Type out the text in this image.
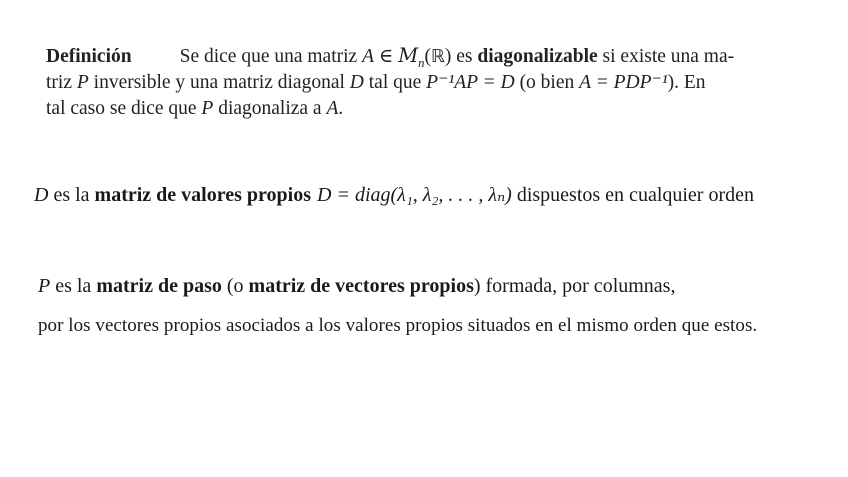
Definición Se dice que una matriz A ∈ $M_n(ℝ)$ es diagonalizable si existe una ma-
triz P inversible y una matriz diagonal D tal que P⁻¹AP = D (o bien A = PDP⁻¹). En
tal caso se dice que P diagonaliza a A.
D es la matriz de valores propios D = diag(λ₁, λ₂, . . . , λₙ) dispuestos en cualquier orden
P es la matriz de paso (o matriz de vectores propios) formada, por columnas,
por los vectores propios asociados a los valores propios situados en el mismo orden que estos.
